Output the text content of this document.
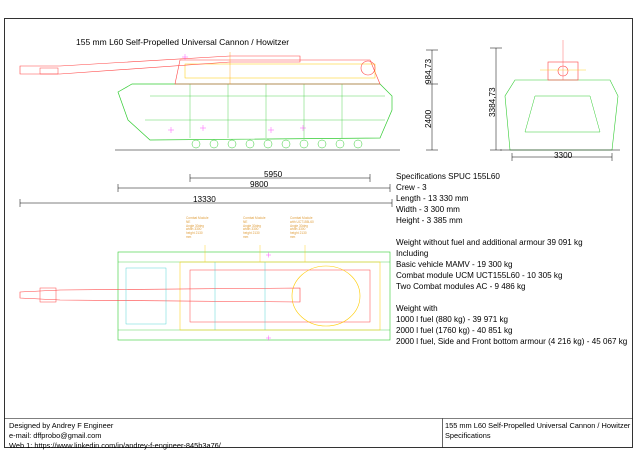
155 mm L60 Self-Propelled Universal Cannon / Howitzer
984,73
2400
3384,73
3300
5950
9800
13330
Combat Module
NE
Angle 30deg
width 3300
height 2130
mm
Combat Module
NE
Angle 30deg
width 3300
height 2130
mm
Combat Module
with UCT155L60
Angle 30deg
width 3300
height 2130
mm
Specifications SPUC 155L60
Crew - 3
Length - 13 330 mm
Width - 3 300 mm
Height - 3 385 mm
Weight without fuel and additional armour 39 091 kg
Including
Basic vehicle MAMV - 19 300 kg
Combat module UCM UCT155L60 - 10 305 kg
Two Combat modules AC - 9 486 kg
Weight with
1000 l fuel (880 kg) - 39 971 kg
2000 l fuel (1760 kg) - 40 851 kg
2000 l fuel, Side and Front bottom armour (4 216 kg) - 45 067 kg
Designed by Andrey F Engineer
e-mail: dffprobo@gmail.com
Web 1: https://www.linkedin.com/in/andrey-f-engineer-845b3a76/
155 mm L60 Self-Propelled Universal Cannon / Howitzer
Specifications
